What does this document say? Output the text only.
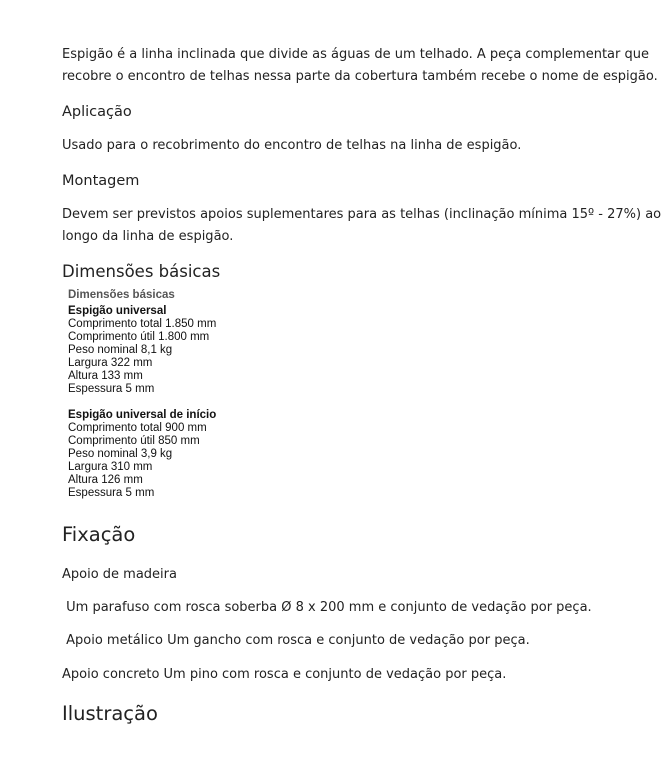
Espigão é a linha inclinada que divide as águas de um telhado. A peça complementar que

recobre o encontro de telhas nessa parte da cobertura também recebe o nome de espigão.

Aplicação

Usado para o recobrimento do encontro de telhas na linha de espigão.

Montagem

Devem ser previstos apoios suplementares para as telhas (inclinação mínima 15º - 27%) ao

longo da linha de espigão.

Dimensões básicas
Dimensões básicas
Espigão universal
Comprimento total 1.850 mm
Comprimento útil 1.800 mm
Peso nominal 8,1 kg
Largura 322 mm
Altura 133 mm
Espessura 5 mm
Espigão universal de início
Comprimento total 900 mm
Comprimento útil 850 mm
Peso nominal 3,9 kg
Largura 310 mm
Altura 126 mm
Espessura 5 mm
Fixação

Apoio de madeira

Um parafuso com rosca soberba Ø 8 x 200 mm e conjunto de vedação por peça.

Apoio metálico Um gancho com rosca e conjunto de vedação por peça.

Apoio concreto Um pino com rosca e conjunto de vedação por peça.

Ilustração
